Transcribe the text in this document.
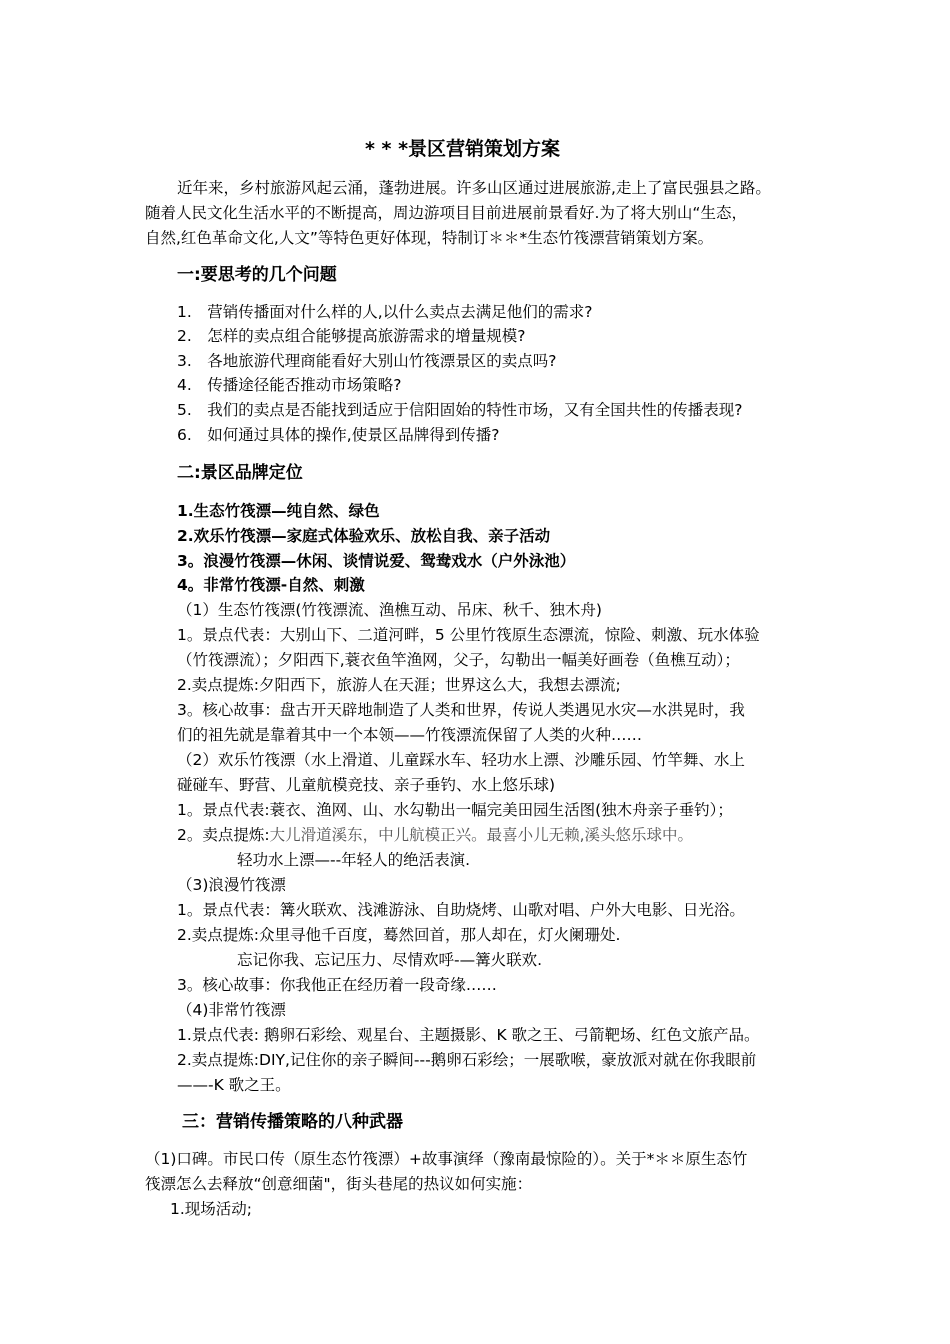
* * *景区营销策划方案
近年来，乡村旅游风起云涌，蓬勃进展。许多山区通过进展旅游,走上了富民强县之路。
随着人民文化生活水平的不断提高，周边游项目目前进展前景看好.为了将大别山“生态，
自然,红色革命文化,人文”等特色更好体现，特制订＊＊*生态竹筏漂营销策划方案。
一:要思考的几个问题
1.　营销传播面对什么样的人,以什么卖点去满足他们的需求?
2.　怎样的卖点组合能够提高旅游需求的增量规模?
3.　各地旅游代理商能看好大别山竹筏漂景区的卖点吗?
4.　传播途径能否推动市场策略?
5.　我们的卖点是否能找到适应于信阳固始的特性市场，又有全国共性的传播表现?
6.　如何通过具体的操作,使景区品牌得到传播?
二:景区品牌定位
1.生态竹筏漂—纯自然、绿色
2.欢乐竹筏漂—家庭式体验欢乐、放松自我、亲子活动
3。浪漫竹筏漂—休闲、谈情说爱、鸳鸯戏水（户外泳池）
4。非常竹筏漂-自然、刺激
（1）生态竹筏漂(竹筏漂流、渔樵互动、吊床、秋千、独木舟)
1。景点代表：大别山下、二道河畔，5 公里竹筏原生态漂流，惊险、刺激、玩水体验
（竹筏漂流）；夕阳西下,蓑衣鱼竿渔网，父子，勾勒出一幅美好画卷（鱼樵互动）；
2.卖点提炼:夕阳西下，旅游人在天涯；世界这么大，我想去漂流;
3。核心故事：盘古开天辟地制造了人类和世界，传说人类遇见水灾—水洪晃时，我
们的祖先就是靠着其中一个本领——竹筏漂流保留了人类的火种……
（2）欢乐竹筏漂（水上滑道、儿童踩水车、轻功水上漂、沙雕乐园、竹竿舞、水上
碰碰车、野营、儿童航模竞技、亲子垂钓、水上悠乐球)
1。景点代表:蓑衣、渔网、山、水勾勒出一幅完美田园生活图(独木舟亲子垂钓）；
2。卖点提炼:大儿滑道溪东，中儿航模正兴。最喜小儿无赖,溪头悠乐球中。
轻功水上漂—--年轻人的绝活表演.
（3)浪漫竹筏漂
1。景点代表：篝火联欢、浅滩游泳、自助烧烤、山歌对唱、户外大电影、日光浴。
2.卖点提炼:众里寻他千百度，蓦然回首，那人却在，灯火阑珊处.
忘记你我、忘记压力、尽情欢呼-—篝火联欢.
3。核心故事：你我他正在经历着一段奇缘……
（4)非常竹筏漂
1.景点代表: 鹅卵石彩绘、观星台、主题摄影、K 歌之王、弓箭靶场、红色文旅产品。
2.卖点提炼:DIY,记住你的亲子瞬间---鹅卵石彩绘；一展歌喉，豪放派对就在你我眼前
——-K 歌之王。
三：营销传播策略的八种武器
（1)口碑。市民口传（原生态竹筏漂）+故事演绎（豫南最惊险的）。关于*＊＊原生态竹
筏漂怎么去释放“创意细菌"，街头巷尾的热议如何实施：
1.现场活动;
